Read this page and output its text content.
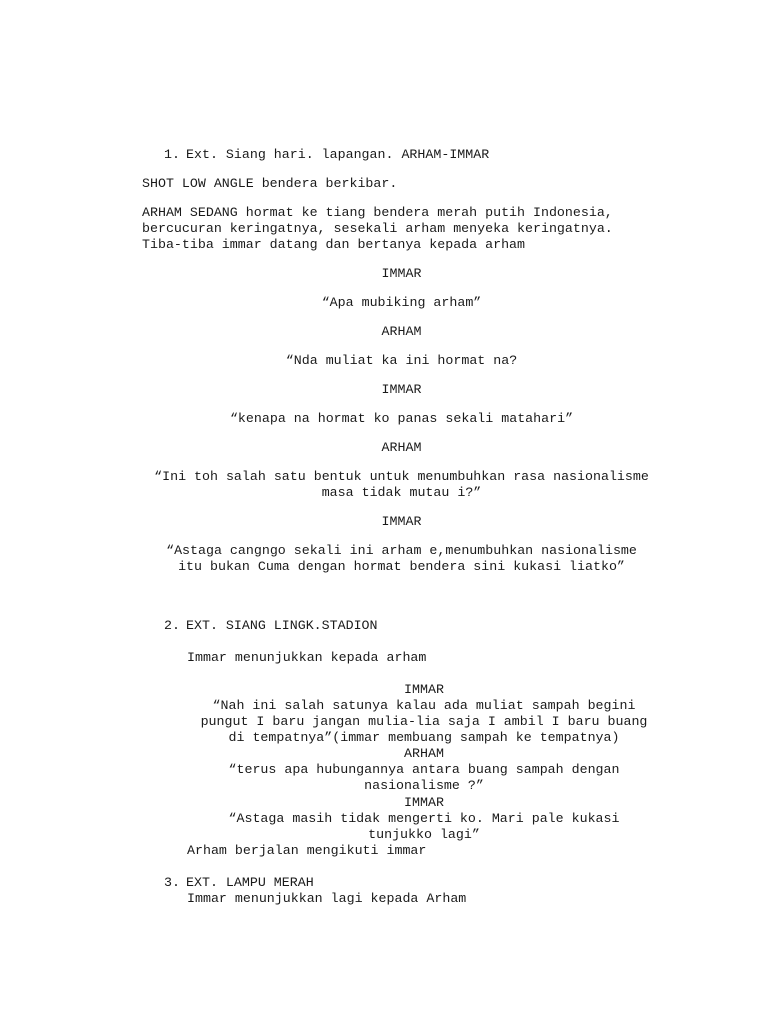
1. Ext. Siang hari. lapangan. ARHAM-IMMAR
SHOT LOW ANGLE bendera berkibar.
ARHAM SEDANG hormat ke tiang bendera merah putih Indonesia,
bercucuran keringatnya, sesekali arham menyeka keringatnya.
Tiba-tiba immar datang dan bertanya kepada arham
IMMAR
“Apa mubiking arham”
ARHAM
“Nda muliat ka ini hormat na?
IMMAR
“kenapa na hormat ko panas sekali matahari”
ARHAM
“Ini toh salah satu bentuk untuk menumbuhkan rasa nasionalisme
masa tidak mutau i?”
IMMAR
“Astaga cangngo sekali ini arham e,menumbuhkan nasionalisme
itu bukan Cuma dengan hormat bendera sini kukasi liatko”
2. EXT. SIANG LINGK.STADION
Immar menunjukkan kepada arham
IMMAR
“Nah ini salah satunya kalau ada muliat sampah begini
pungut I baru jangan mulia-lia saja I ambil I baru buang
di tempatnya”(immar membuang sampah ke tempatnya)
ARHAM
“terus apa hubungannya antara buang sampah dengan
nasionalisme ?”
IMMAR
“Astaga masih tidak mengerti ko. Mari pale kukasi
tunjukko lagi”
Arham berjalan mengikuti immar
3. EXT. LAMPU MERAH
Immar menunjukkan lagi kepada Arham
